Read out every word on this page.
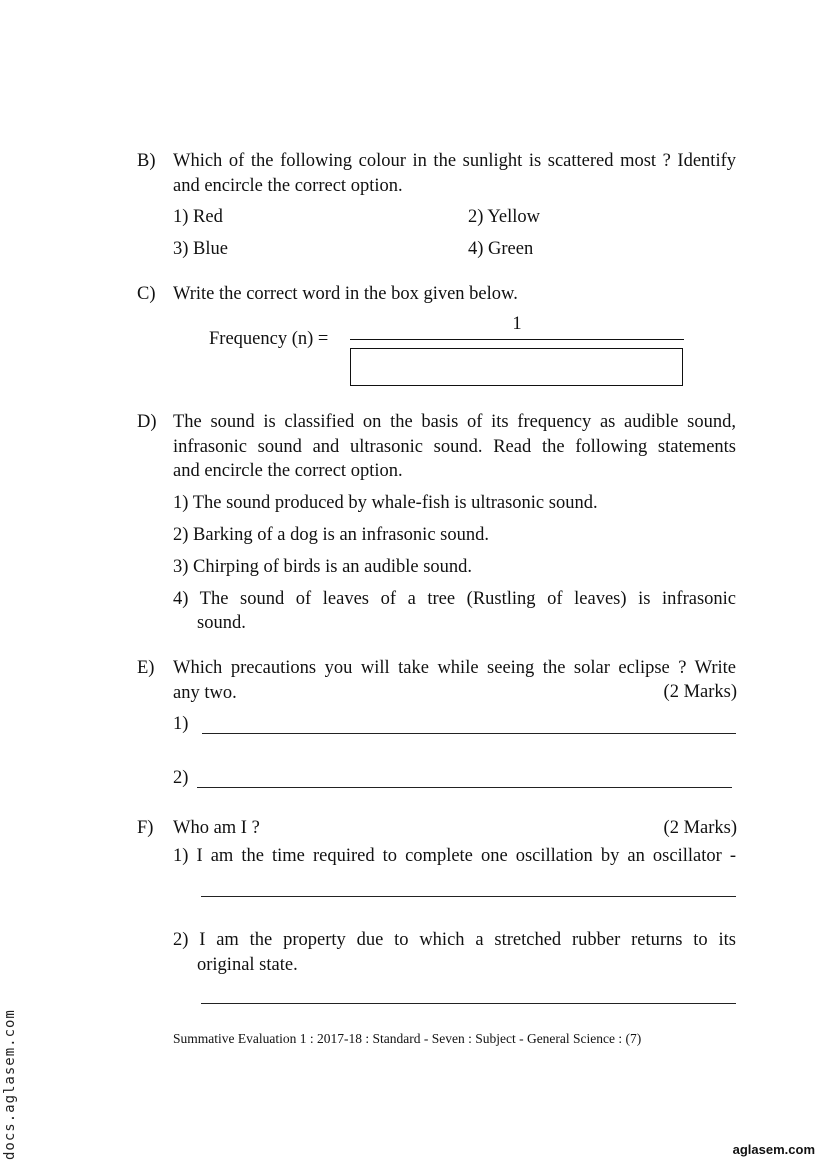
B) Which of the following colour in the sunlight is scattered most ? Identify
and encircle the correct option.
1) Red	2) Yellow
3) Blue	4) Green
C) Write the correct word in the box given below.
Frequency (n) =
1
D) The sound is classified on the basis of its frequency as audible sound,
infrasonic sound and ultrasonic sound. Read the following statements
and encircle the correct option.
1) The sound produced by whale-fish is ultrasonic sound.
2) Barking of a dog is an infrasonic sound.
3) Chirping of birds is an audible sound.
4) The sound of leaves of a tree (Rustling of leaves) is infrasonic
sound.
E) Which precautions you will take while seeing the solar eclipse ? Write
any two.	(2 Marks)
1)
2)
F) Who am I ?	(2 Marks)
1) I am the time required to complete one oscillation by an oscillator -
2) I am the property due to which a stretched rubber returns to its
original state.
Summative Evaluation 1 : 2017-18 : Standard - Seven : Subject - General Science : (7)
docs.aglasem.com	aglasem.com
